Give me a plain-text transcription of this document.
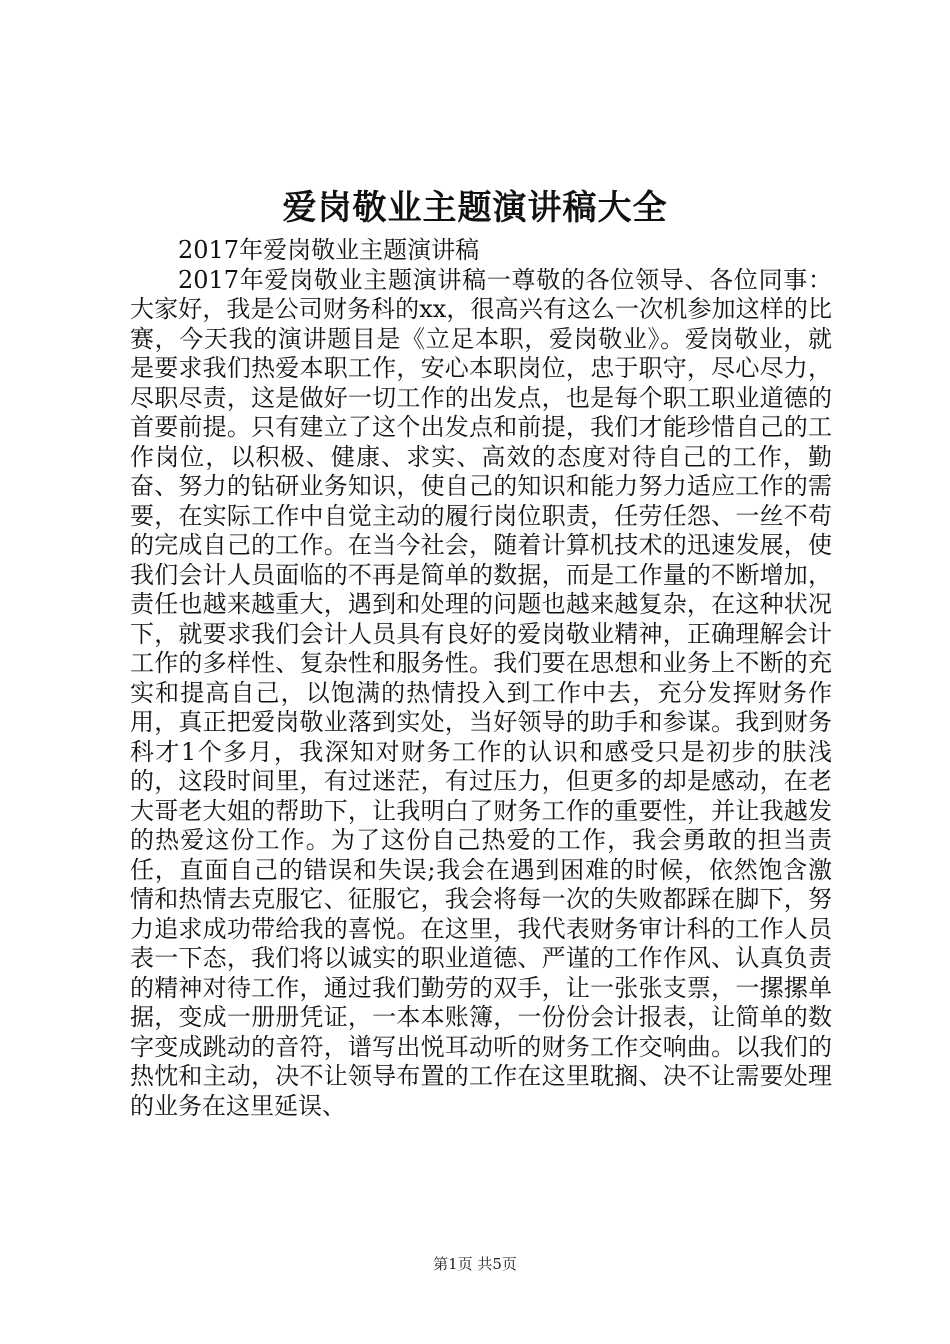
爱岗敬业主题演讲稿大全

2017年爱岗敬业主题演讲稿

2017年爱岗敬业主题演讲稿一尊敬的各位领导、各位同事：大家好，我是公司财务科的xx，很高兴有这么一次机参加这样的比赛，今天我的演讲题目是《立足本职，爱岗敬业》。爱岗敬业，就是要求我们热爱本职工作，安心本职岗位，忠于职守，尽心尽力，尽职尽责，这是做好一切工作的出发点，也是每个职工职业道德的首要前提。只有建立了这个出发点和前提，我们才能珍惜自己的工作岗位，以积极、健康、求实、高效的态度对待自己的工作，勤奋、努力的钻研业务知识，使自己的知识和能力努力适应工作的需要，在实际工作中自觉主动的履行岗位职责，任劳任怨、一丝不苟的完成自己的工作。在当今社会，随着计算机技术的迅速发展，使我们会计人员面临的不再是简单的数据，而是工作量的不断增加，责任也越来越重大，遇到和处理的问题也越来越复杂，在这种状况下，就要求我们会计人员具有良好的爱岗敬业精神，正确理解会计工作的多样性、复杂性和服务性。我们要在思想和业务上不断的充实和提高自己，以饱满的热情投入到工作中去，充分发挥财务作用，真正把爱岗敬业落到实处，当好领导的助手和参谋。我到财务科才1个多月，我深知对财务工作的认识和感受只是初步的肤浅的，这段时间里，有过迷茫，有过压力，但更多的却是感动，在老大哥老大姐的帮助下，让我明白了财务工作的重要性，并让我越发的热爱这份工作。为了这份自己热爱的工作，我会勇敢的担当责任，直面自己的错误和失误;我会在遇到困难的时候，依然饱含激情和热情去克服它、征服它，我会将每一次的失败都踩在脚下，努力追求成功带给我的喜悦。在这里，我代表财务审计科的工作人员表一下态，我们将以诚实的职业道德、严谨的工作作风、认真负责的精神对待工作，通过我们勤劳的双手，让一张张支票，一摞摞单据，变成一册册凭证，一本本账簿，一份份会计报表，让简单的数字变成跳动的音符，谱写出悦耳动听的财务工作交响曲。以我们的热忱和主动，决不让领导布置的工作在这里耽搁、决不让需要处理的业务在这里延误、

第1页 共5页
